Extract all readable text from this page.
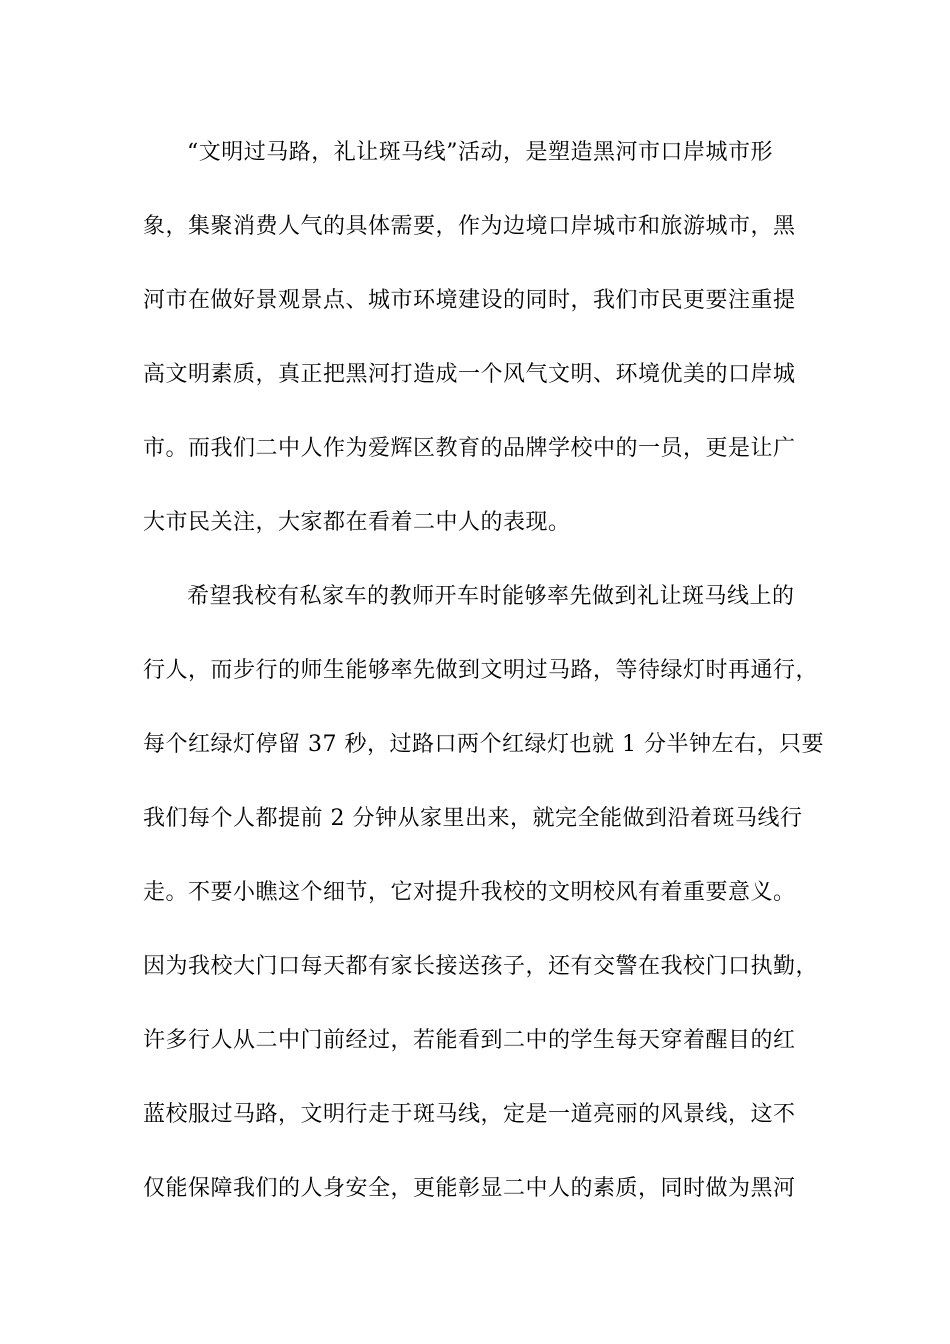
“文明过马路，礼让斑马线”活动，是塑造黑河市口岸城市形
象，集聚消费人气的具体需要，作为边境口岸城市和旅游城市，黑
河市在做好景观景点、城市环境建设的同时，我们市民更要注重提
高文明素质，真正把黑河打造成一个风气文明、环境优美的口岸城
市。而我们二中人作为爱辉区教育的品牌学校中的一员，更是让广
大市民关注，大家都在看着二中人的表现。
希望我校有私家车的教师开车时能够率先做到礼让斑马线上的
行人，而步行的师生能够率先做到文明过马路，等待绿灯时再通行，
每个红绿灯停留 37 秒，过路口两个红绿灯也就 1 分半钟左右，只要
我们每个人都提前 2 分钟从家里出来，就完全能做到沿着斑马线行
走。不要小瞧这个细节，它对提升我校的文明校风有着重要意义。
因为我校大门口每天都有家长接送孩子，还有交警在我校门口执勤，
许多行人从二中门前经过，若能看到二中的学生每天穿着醒目的红
蓝校服过马路，文明行走于斑马线，定是一道亮丽的风景线，这不
仅能保障我们的人身安全，更能彰显二中人的素质，同时做为黑河
